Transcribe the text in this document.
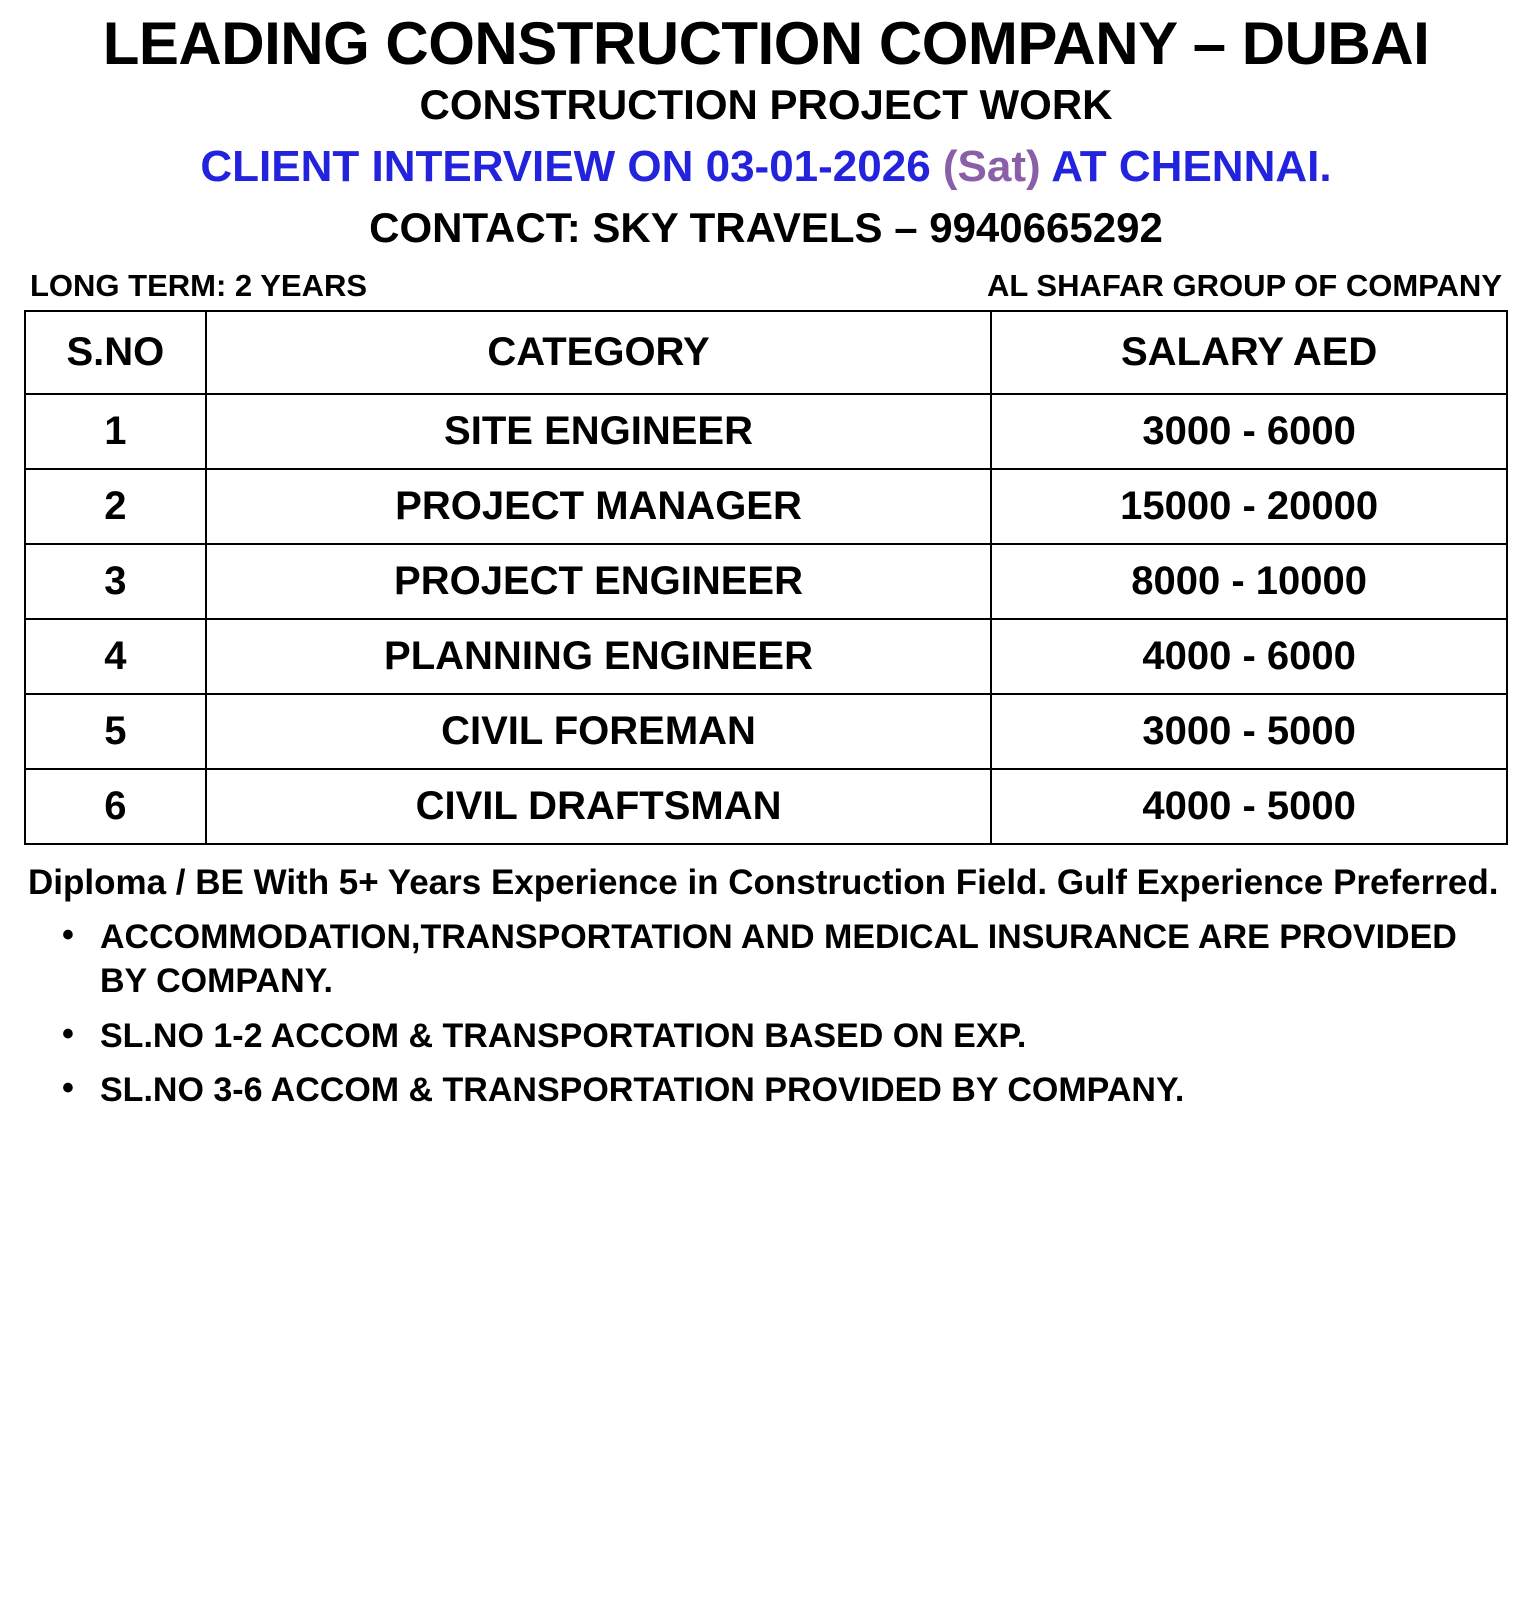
LEADING CONSTRUCTION COMPANY – DUBAI
CONSTRUCTION PROJECT WORK
CLIENT INTERVIEW ON 03-01-2026 (Sat) AT CHENNAI.
CONTACT: SKY TRAVELS – 9940665292
LONG TERM: 2 YEARS	AL SHAFAR GROUP OF COMPANY
S.NO	CATEGORY	SALARY AED
1	SITE ENGINEER	3000 - 6000
2	PROJECT MANAGER	15000 - 20000
3	PROJECT ENGINEER	8000 - 10000
4	PLANNING ENGINEER	4000 - 6000
5	CIVIL FOREMAN	3000 - 5000
6	CIVIL DRAFTSMAN	4000 - 5000
Diploma / BE With 5+ Years Experience in Construction Field. Gulf Experience Preferred.
• ACCOMMODATION,TRANSPORTATION AND MEDICAL INSURANCE ARE PROVIDED BY COMPANY.
• SL.NO 1-2 ACCOM & TRANSPORTATION BASED ON EXP.
• SL.NO 3-6 ACCOM & TRANSPORTATION PROVIDED BY COMPANY.
